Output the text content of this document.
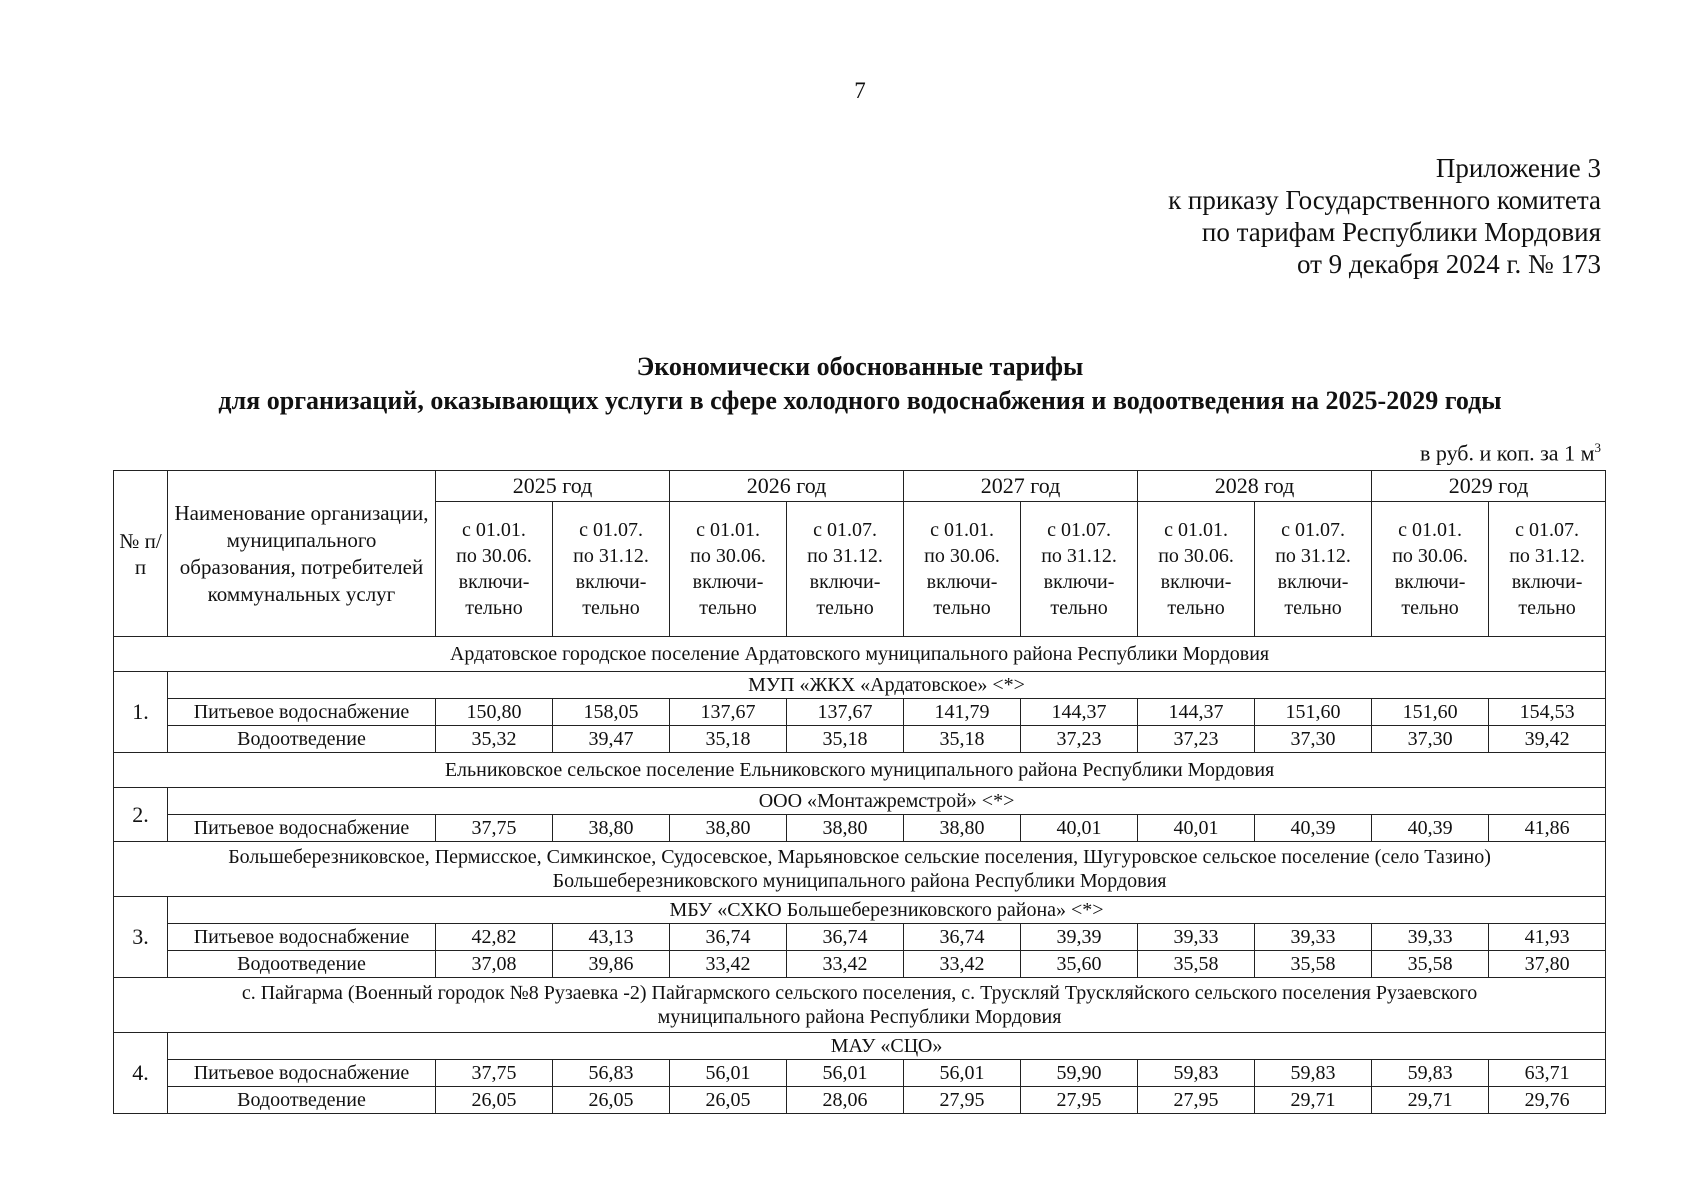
7
Приложение 3
к приказу Государственного комитета
по тарифам Республики Мордовия
от 9 декабря 2024 г. № 173
Экономически обоснованные тарифы
для организаций, оказывающих услуги в сфере холодного водоснабжения и водоотведения на 2025-2029 годы
в руб. и коп. за 1 $м^3$
№ п/п	Наименование организации, муниципального образования, потребителей коммунальных услуг	2025 год		2026 год		2027 год		2028 год		2029 год	
		с 01.01.
по 30.06.
включи-
тельно	с 01.07.
по 31.12.
включи-
тельно	с 01.01.
по 30.06.
включи-
тельно	с 01.07.
по 31.12.
включи-
тельно	с 01.01.
по 30.06.
включи-
тельно	с 01.07.
по 31.12.
включи-
тельно	с 01.01.
по 30.06.
включи-
тельно	с 01.07.
по 31.12.
включи-
тельно	с 01.01.
по 30.06.
включи-
тельно	с 01.07.
по 31.12.
включи-
тельно
Ардатовское городское поселение Ардатовского муниципального района Республики Мордовия											
1.	МУП «ЖКХ «Ардатовское» <*>										
	Питьевое водоснабжение	150,80	158,05	137,67	137,67	141,79	144,37	144,37	151,60	151,60	154,53
	Водоотведение	35,32	39,47	35,18	35,18	35,18	37,23	37,23	37,30	37,30	39,42
Ельниковское сельское поселение Ельниковского муниципального района Республики Мордовия											
2.	ООО «Монтажремстрой» <*>										
	Питьевое водоснабжение	37,75	38,80	38,80	38,80	38,80	40,01	40,01	40,39	40,39	41,86
Большеберезниковское, Пермисское, Симкинское, Судосевское, Марьяновское сельские поселения, Шугуровское сельское поселение (село Тазино)
Большеберезниковского муниципального района Республики Мордовия											
3.	МБУ «СХКО Большеберезниковского района» <*>										
	Питьевое водоснабжение	42,82	43,13	36,74	36,74	36,74	39,39	39,33	39,33	39,33	41,93
	Водоотведение	37,08	39,86	33,42	33,42	33,42	35,60	35,58	35,58	35,58	37,80
с. Пайгарма (Военный городок №8 Рузаевка -2) Пайгармского сельского поселения, с. Трускляй Трускляйского сельского поселения Рузаевского
муниципального района Республики Мордовия											
4.	МАУ «СЦО»										
	Питьевое водоснабжение	37,75	56,83	56,01	56,01	56,01	59,90	59,83	59,83	59,83	63,71
	Водоотведение	26,05	26,05	26,05	28,06	27,95	27,95	27,95	29,71	29,71	29,76
